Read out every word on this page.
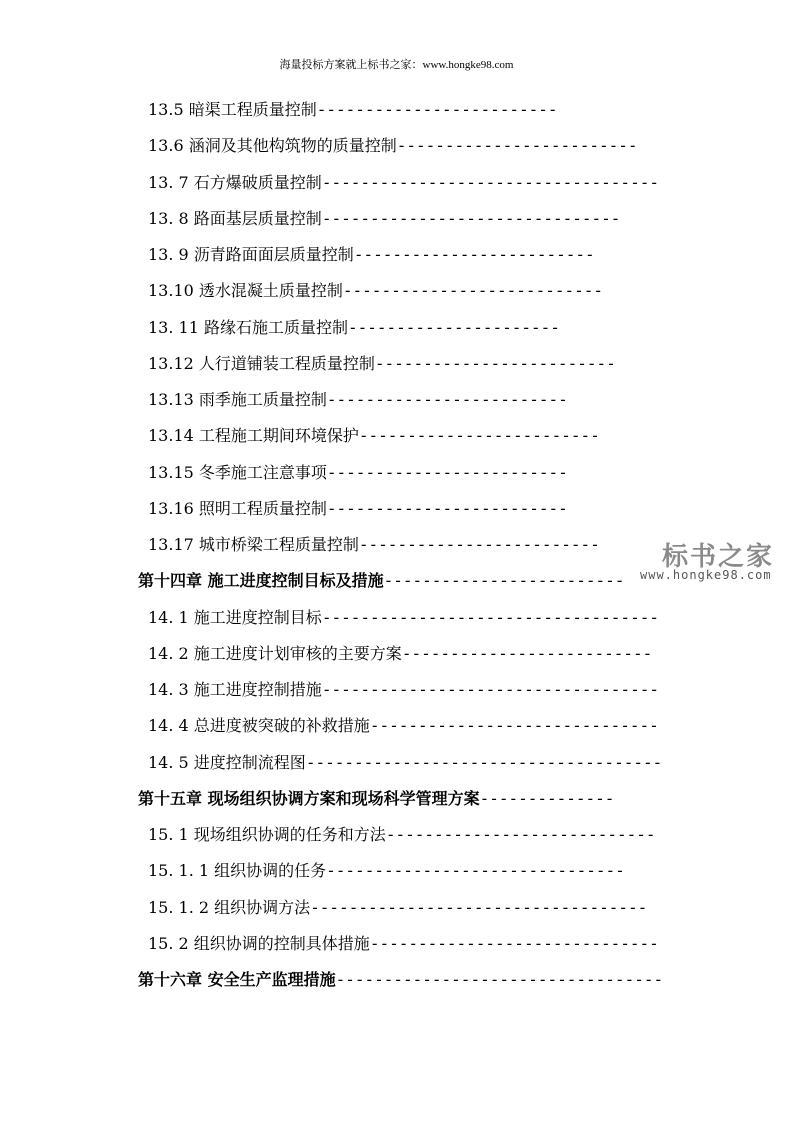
海量投标方案就上标书之家：www.hongke98.com
13.5 暗渠工程质量控制-------------------------
13.6 涵洞及其他构筑物的质量控制-------------------------
13. 7 石方爆破质量控制-----------------------------------
13. 8 路面基层质量控制-------------------------------
13. 9 沥青路面面层质量控制-------------------------
13.10 透水混凝土质量控制---------------------------
13. 11 路缘石施工质量控制----------------------
13.12 人行道铺装工程质量控制-------------------------
13.13 雨季施工质量控制-------------------------
13.14 工程施工期间环境保护-------------------------
13.15 冬季施工注意事项-------------------------
13.16 照明工程质量控制-------------------------
13.17 城市桥梁工程质量控制-------------------------
第十四章 施工进度控制目标及措施-------------------------
14. 1 施工进度控制目标-----------------------------------
14. 2 施工进度计划审核的主要方案--------------------------
14. 3 施工进度控制措施-----------------------------------
14. 4 总进度被突破的补救措施------------------------------
14. 5 进度控制流程图-------------------------------------
第十五章 现场组织协调方案和现场科学管理方案--------------
15. 1 现场组织协调的任务和方法----------------------------
15. 1. 1 组织协调的任务-------------------------------
15. 1. 2 组织协调方法-----------------------------------
15. 2 组织协调的控制具体措施------------------------------
第十六章 安全生产监理措施----------------------------------
标书之家
www.hongke98.com
